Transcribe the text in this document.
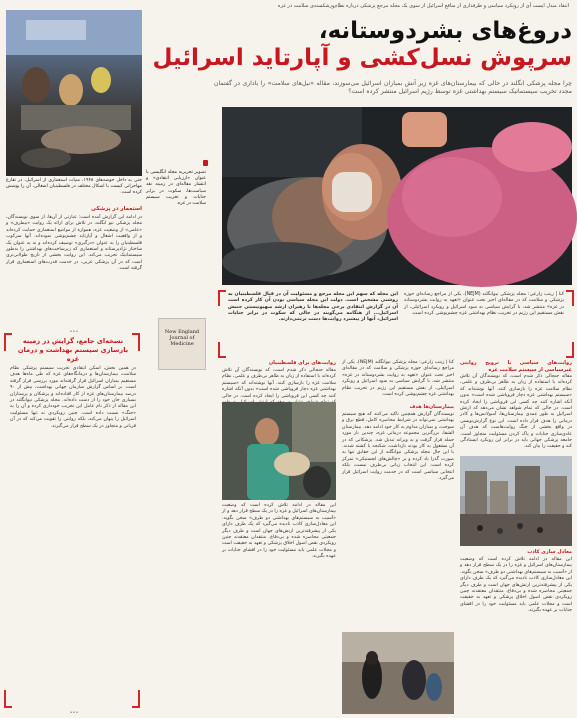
انتقاد مبدل ایست آی از رویکرد سیاسی و طرفداری از منافع اسرائیل از سوی یک مجله مرجع پزشکی درباره نظام‌ورشکسته‌ی سلامت در غزه
جنی به داخل حوضه‌های ۱۹۴۸، منیات استعماری از اسرائیل، در تقارع مهاجرانی کیست با اشکال مختلف در فلسطینیان اشغالی، آن را پوشش کرده است.
تصویر تحریریه مجله انگلیسی با عنوان «ارزیابی انتقادی» و انتشار مقاله‌ای در زمینه نقد سیاست‌ها، سکوت در برابر جنایات و تخریب سیستم سلامت در غزه.
New England Journal of Medicine
استعمار در پزشکی
در ادامه این گزارش آمده است: عبارتی از آن‌ها، از سوی نویسندگان، مجله پزشکی نیو انگلند، در تلاش برای ارائه یک روایت «بیطرف» و «علمی» از وضعیت غزه، همواره از مواضع استعماری حمایت کرده‌اند و از واقعیت اشغال و آپارتاید چشم‌پوشی نموده‌اند. آنها سرکوب فلسطینیان را به عنوان «درگیری» توصیف کرده‌اند و نه به عنوان یک ساختار نژادپرستانه و استعماری که زیرساخت‌های بهداشتی را به‌طور سیستماتیک تخریب می‌کند. این روایت بخشی از تاریخ طولانی‌تری است که در آن پزشکی غربی، در خدمت قدرت‌های استعماری قرار گرفته است.
•••
نسخه‌ای جامع، گرایش در زمینه بازسازی سیستم بهداشت و درمان غزه
در همین بخش، اسکن انتقادی تخریب سیستم پزشکی نظام سلامت، بیمارستان‌ها و درمانگاه‌های غزه که طی ماه‌ها هدف مستقیم بمباران اسرائیل قرار گرفته‌اند مورد بررسی قرار گرفته است. بر اساس گزارش سازمان جهانی بهداشت، بیش از ۹۰ درصد بیمارستان‌های غزه از کار افتاده‌اند و پزشکان و پرستاران بسیاری جان خود را از دست داده‌اند. مجله پزشکی نیوانگلند در این مقاله از ذکر نام عامل این تخریب خودداری کرده و آن را به «جنگ» نسبت داده است. چنین رویکردی نه تنها مسئولیت اسرائیل را پنهان می‌کند، بلکه روایتی را تقویت می‌کند که در آن قربانی و متجاوز در یک سطح قرار می‌گیرند.
•••
دروغ‌های بشردوستانه،
سرپوش نسل‌کشی و آپارتاید اسرائیل
چرا مجله پزشکی انگلند در حالی که بیمارستان‌های غزه زیر آتش بمباران اسرائیل می‌سوزند، مقاله «نیل‌های سلامت» را باداری در گفتمان مجدد تخریب سیستماتیک سیستم بهداشتی غزه توسط رژیم اسرائیل منتشر کرده است؟
کنا | زینب زارعی: مجله پزشکی نیوانگلند (NEJM)، یکی از مراجع رسانه‌ای حوزه پزشکی و سلامت که در مقاله‌ای اخیر تحت عنوان «تعهد به روایت بشردوستانه در غزه» منتشر شد، با گرایش سیاسی به سود اسرائیل و رویکرد اسرائیلی، از نقش مستقیم این رژیم در تخریب نظام بهداشتی غزه چشم‌پوشی کرده است.
این مجله که سهم این مجله مرجع و مسئولیت آن در قبال فلسطینیان به روشنی مشخص است. دولت این مجله سیاسی بودن آن کار کرده است آن در گزارش انتقادی برخی مجله‌ها با رهبران ارشد صهیونیستی جنبش اسرائیل... از هنگامه می‌گویند در حالی که سکوت در برابر جنایات اسرائیل، آنها از پیشبرد روایت‌ها دست برنمی‌دارند.
روایت‌های سیاسی با ترویج روایتی غیرسیاسی از سیستم سلامت غزه
مقاله جنجالی ذکر شدم است، که نویسندگان آن تلاش کرده‌اند با استفاده از زبان به ظاهر بی‌طرف و علمی، نظام سلامت غزه را بازسازی کنند. آنها نوشته‌اند که «سیستم بهداشتی غزه دچار فروپاشی شده است» بدون آنکه اشاره کنند چه کسی این فروپاشی را ایجاد کرده است. در حالی که تمام شواهد نشان می‌دهد که ارتش اسرائیل به طور عمدی بیمارستان‌ها، آمبولانس‌ها و کادر درمانی را هدف قرار داده است. این نوع گزارش‌نویسی در واقع بخشی از جنگ روایت‌هاست که هدف آن عادی‌سازی جنایات و پاک کردن مسئولیت متجاوز است. جامعه پزشکی جهانی باید در برابر این رویکرد ایستادگی کند و حقیقت را بیان کند.
معادل سازی کاذب
این مقاله در ادامه تلاش کرده است که وضعیت بیمارستان‌های اسرائیل و غزه را در یک سطح قرار دهد و از «آسیب به سیستم‌های بهداشتی دو طرف» سخن بگوید. این معادل‌سازی کاذب نادیده می‌گیرد که یک طرف دارای یکی از پیشرفته‌ترین ارتش‌های جهان است و طرف دیگر جمعیتی محاصره شده و بی‌دفاع. منتقدان معتقدند چنین رویکردی نقض اصول اخلاق پزشکی و تعهد به حقیقت است و مجلات علمی باید مسئولیت خود را در افشای جنایات بر عهده بگیرند.
کنا | زینب زارعی: مجله پزشکی نیوانگلند (NEJM)، یکی از مراجع رسانه‌ای حوزه پزشکی و سلامت که در مقاله‌ای اخیر تحت عنوان «تعهد به روایت بشردوستانه در غزه» منتشر شد، با گرایش سیاسی به سود اسرائیل و رویکرد اسرائیلی، از نقش مستقیم این رژیم در تخریب نظام بهداشتی غزه چشم‌پوشی کرده است.
بیمارستان‌ها هدف
نویسندگان گزارش همچنین تاکید می‌کنند که هیچ سیستم بهداشتی نمی‌تواند در شرایط محاصره کامل، قطع برق و سوخت، و بمباران مداوم به کار خود ادامه دهد. بیمارستان الشفا، بزرگترین مجموعه درمانی غزه، چندین بار مورد حمله قرار گرفت و به ویرانه تبدیل شد. پزشکانی که در آن مشغول به کار بودند بازداشت، شکنجه یا کشته شدند. با این حال مجله پزشکی نیوانگلند از این حقایق تنها به صورت گذرا یاد کرده و بر «چالش‌های لجستیکی» تمرکز کرده است. این انتخاب زبانی بی‌طرف نیست، بلکه انتخابی سیاسی است که در خدمت روایت اسرائیل قرار می‌گیرد.
روایت‌های برای فلسطینیان
مقاله جنجالی ذکر شدم است، که نویسندگان آن تلاش کرده‌اند با استفاده از زبان به ظاهر بی‌طرف و علمی، نظام سلامت غزه را بازسازی کنند. آنها نوشته‌اند که «سیستم بهداشتی غزه دچار فروپاشی شده است» بدون آنکه اشاره کنند چه کسی این فروپاشی را ایجاد کرده است. در حالی
این مقاله در ادامه تلاش کرده است که وضعیت بیمارستان‌های اسرائیل و غزه را در یک سطح قرار دهد و از «آسیب به سیستم‌های بهداشتی دو طرف» سخن بگوید. این معادل‌سازی کاذب نادیده می‌گیرد که یک طرف دارای یکی از پیشرفته‌ترین ارتش‌های جهان است و طرف دیگر جمعیتی محاصره شده و بی‌دفاع. منتقدان معتقدند چنین رویکردی نقض اصول اخلاق پزشکی و تعهد به حقیقت است و مجلات علمی باید مسئولیت خود را در افشای جنایات بر عهده بگیرند.
